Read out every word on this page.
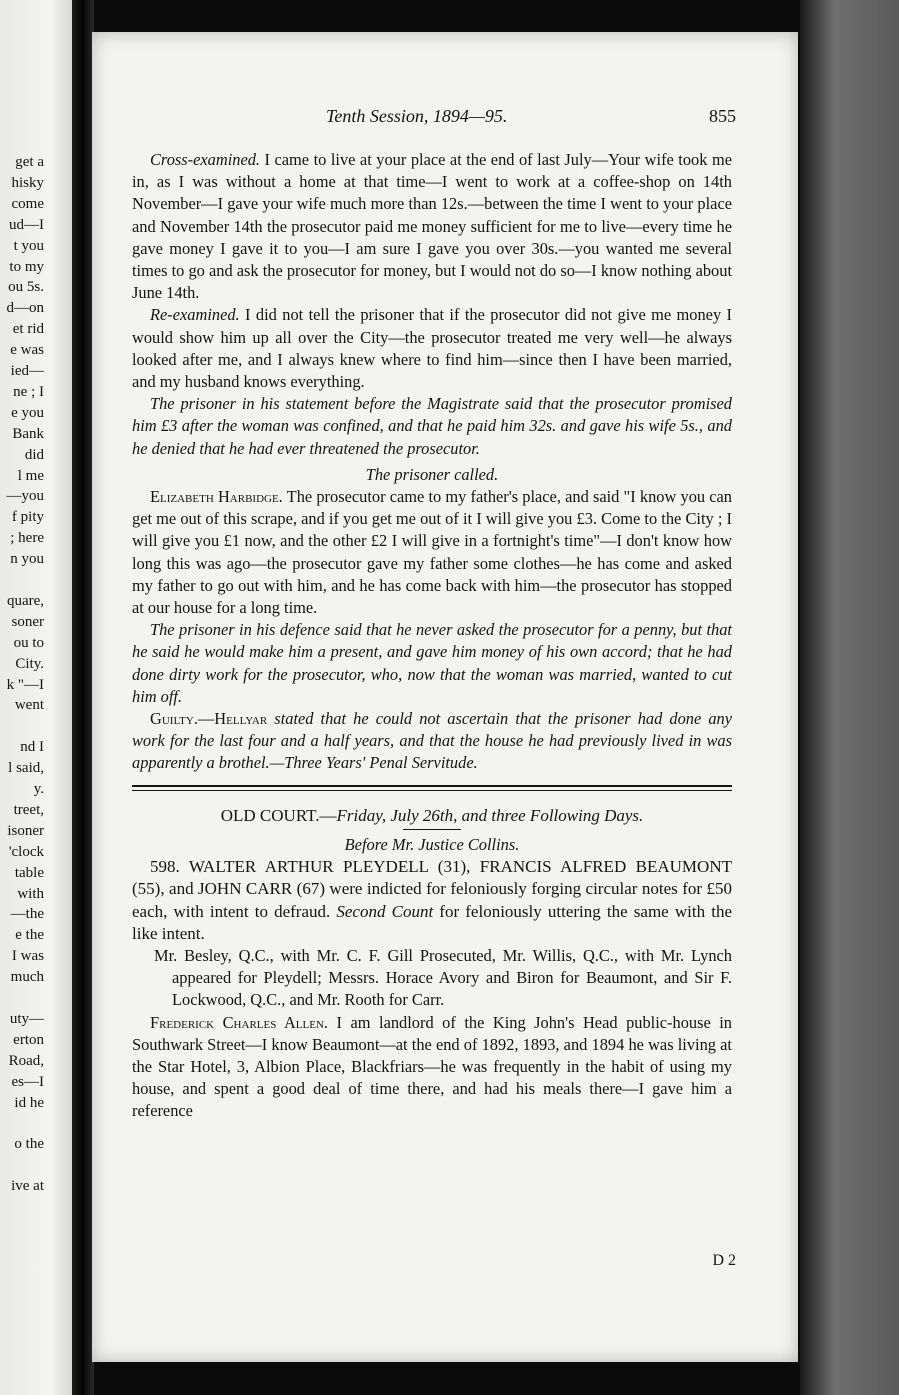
get a
hisky
come
ud—I
t you
to my
ou 5s.
d—on
et rid
e was
ied—
ne ; I
e you
Bank
did
l me
—you
f pity
; here
n you
quare,
soner
ou to
City.
k "—I
went
nd I
l said,
y.
treet,
isoner
'clock
table
with
—the
e the
I was
much
uty—
erton
Road,
es—I
id he
o the
ive at
Tenth Session, 1894—95.	855

Cross-examined. I came to live at your place at the end of last July—Your wife took me in, as I was without a home at that time—I went to work at a coffee-shop on 14th November—I gave your wife much more than 12s.—between the time I went to your place and November 14th the prosecutor paid me money sufficient for me to live—every time he gave money I gave it to you—I am sure I gave you over 30s.—you wanted me several times to go and ask the prosecutor for money, but I would not do so—I know nothing about June 14th.

Re-examined. I did not tell the prisoner that if the prosecutor did not give me money I would show him up all over the City—the prosecutor treated me very well—he always looked after me, and I always knew where to find him—since then I have been married, and my husband knows everything.

The prisoner in his statement before the Magistrate said that the prosecutor promised him £3 after the woman was confined, and that he paid him 32s. and gave his wife 5s., and he denied that he had ever threatened the prosecutor.

The prisoner called.

Elizabeth Harbidge. The prosecutor came to my father's place, and said "I know you can get me out of this scrape, and if you get me out of it I will give you £3. Come to the City ; I will give you £1 now, and the other £2 I will give in a fortnight's time"—I don't know how long this was ago—the prosecutor gave my father some clothes—he has come and asked my father to go out with him, and he has come back with him—the prosecutor has stopped at our house for a long time.

The prisoner in his defence said that he never asked the prosecutor for a penny, but that he said he would make him a present, and gave him money of his own accord; that he had done dirty work for the prosecutor, who, now that the woman was married, wanted to cut him off.

Guilty.—Hellyar stated that he could not ascertain that the prisoner had done any work for the last four and a half years, and that the house he had previously lived in was apparently a brothel.—Three Years' Penal Servitude.

OLD COURT.—Friday, July 26th, and three Following Days.

Before Mr. Justice Collins.

598. WALTER ARTHUR PLEYDELL (31), FRANCIS ALFRED BEAUMONT (55), and JOHN CARR (67) were indicted for feloniously forging circular notes for £50 each, with intent to defraud. Second Count for feloniously uttering the same with the like intent.

Mr. Besley, Q.C., with Mr. C. F. Gill Prosecuted, Mr. Willis, Q.C., with Mr. Lynch appeared for Pleydell; Messrs. Horace Avory and Biron for Beaumont, and Sir F. Lockwood, Q.C., and Mr. Rooth for Carr.

Frederick Charles Allen. I am landlord of the King John's Head public-house in Southwark Street—I know Beaumont—at the end of 1892, 1893, and 1894 he was living at the Star Hotel, 3, Albion Place, Blackfriars—he was frequently in the habit of using my house, and spent a good deal of time there, and had his meals there—I gave him a reference

D 2
